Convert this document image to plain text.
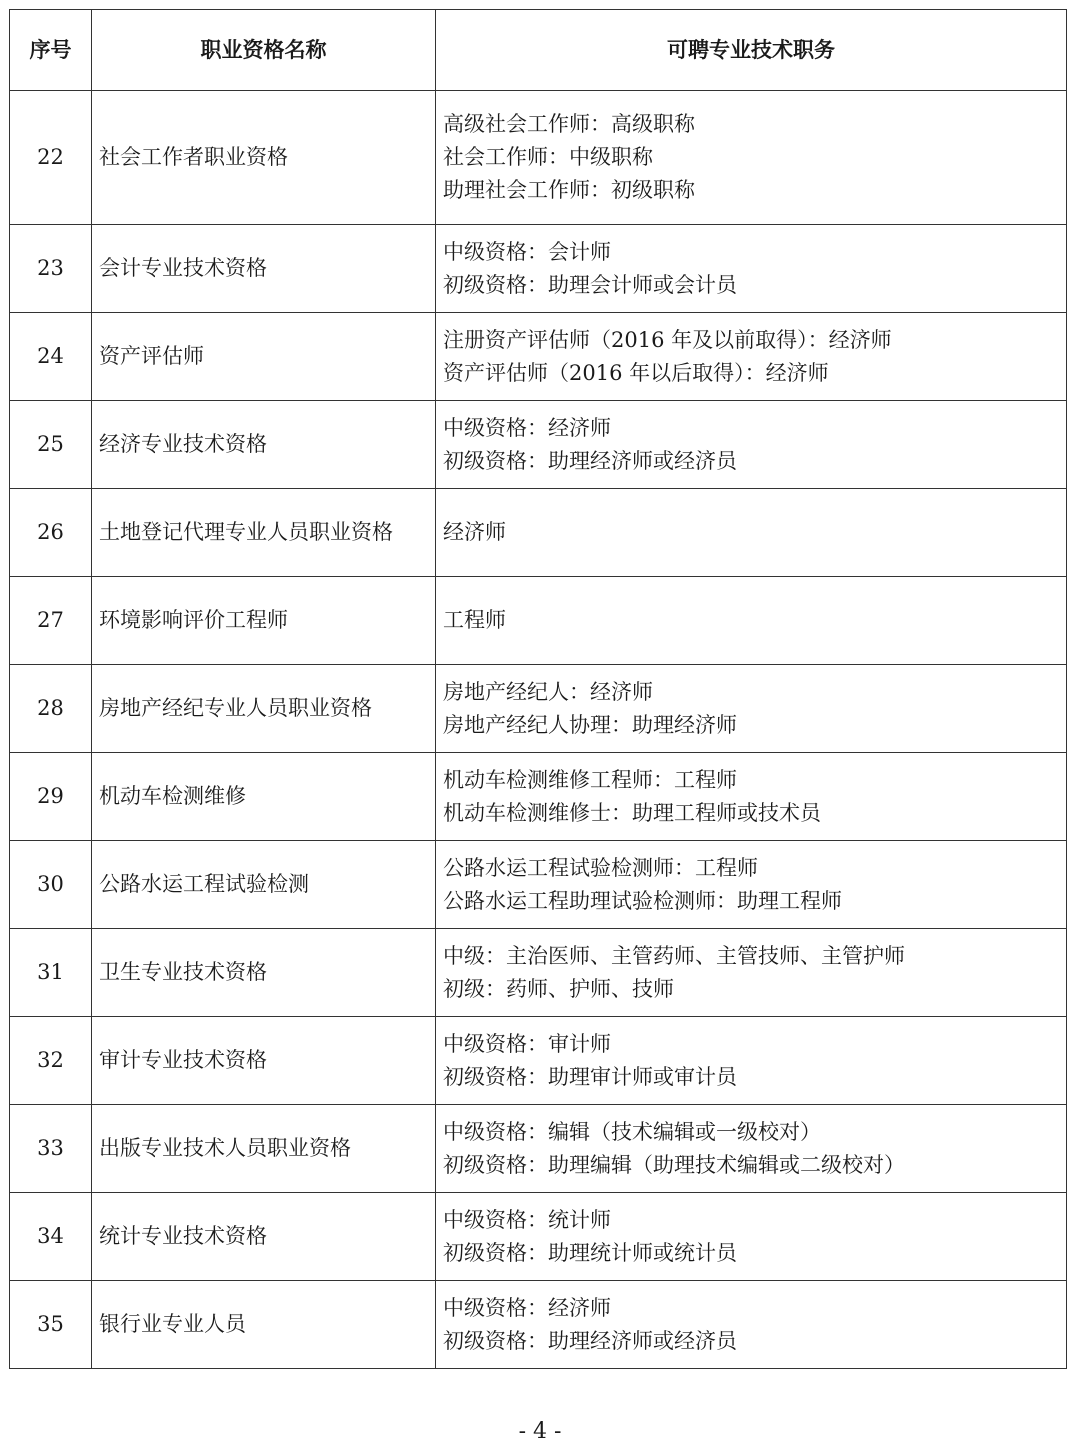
序号	职业资格名称	可聘专业技术职务
22	社会工作者职业资格	高级社会工作师：高级职称
社会工作师：中级职称
助理社会工作师：初级职称

23	会计专业技术资格	中级资格：会计师
初级资格：助理会计师或会计员

24	资产评估师	注册资产评估师（2016 年及以前取得）：经济师
资产评估师（2016 年以后取得）：经济师

25	经济专业技术资格	中级资格：经济师
初级资格：助理经济师或经济员

26	土地登记代理专业人员职业资格	经济师

27	环境影响评价工程师	工程师

28	房地产经纪专业人员职业资格	房地产经纪人：经济师
房地产经纪人协理：助理经济师

29	机动车检测维修	机动车检测维修工程师：工程师
机动车检测维修士：助理工程师或技术员

30	公路水运工程试验检测	公路水运工程试验检测师：工程师
公路水运工程助理试验检测师：助理工程师

31	卫生专业技术资格	中级：主治医师、主管药师、主管技师、主管护师
初级：药师、护师、技师

32	审计专业技术资格	中级资格：审计师
初级资格：助理审计师或审计员

33	出版专业技术人员职业资格	中级资格：编辑（技术编辑或一级校对）
初级资格：助理编辑（助理技术编辑或二级校对）

34	统计专业技术资格	中级资格：统计师
初级资格：助理统计师或统计员

35	银行业专业人员	中级资格：经济师
初级资格：助理经济师或经济员
- 4 -
